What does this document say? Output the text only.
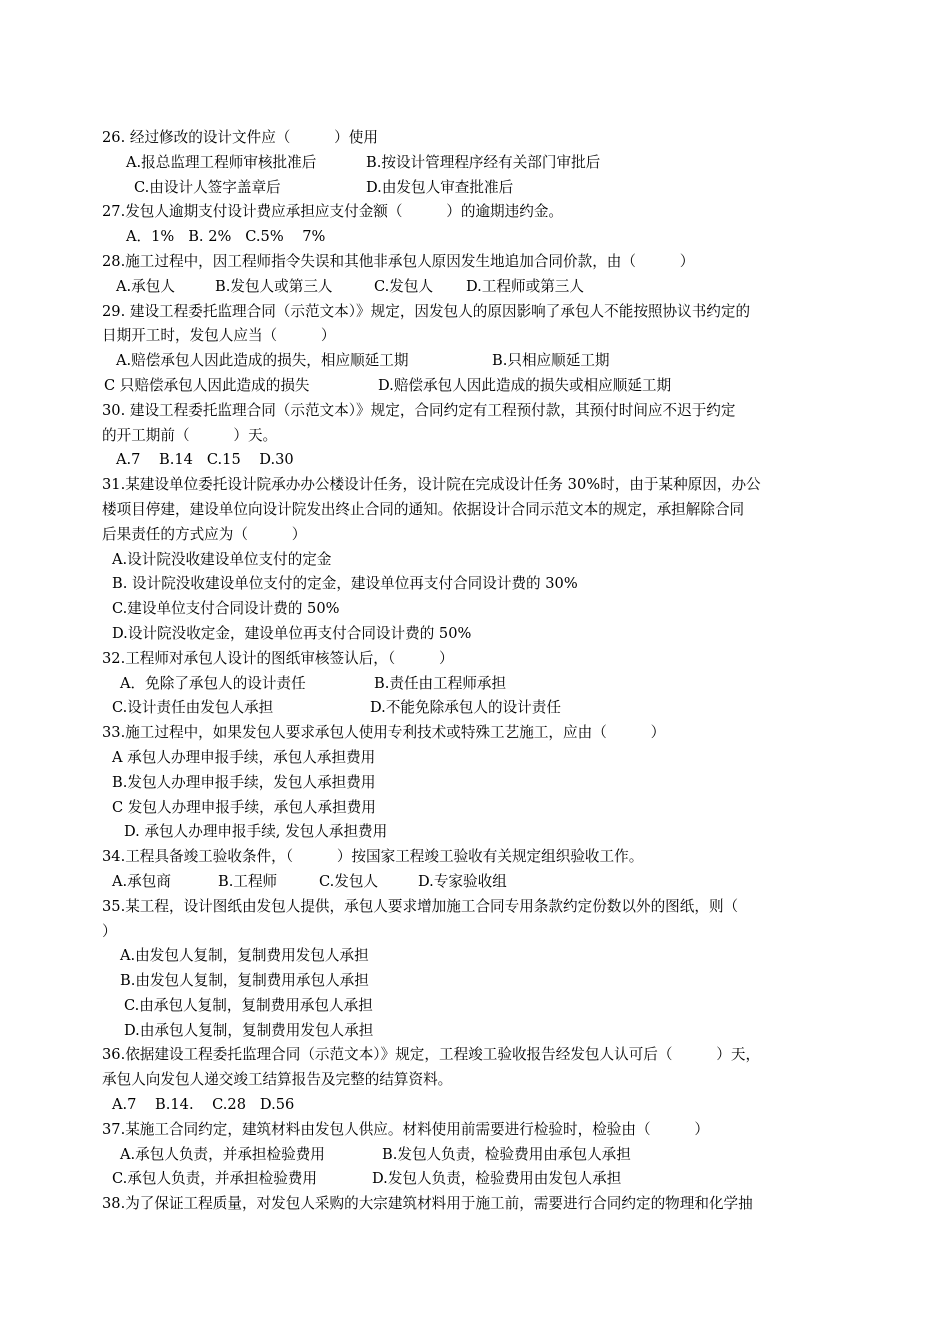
26. 经过修改的设计文件应（　　　）使用
A.报总监理工程师审核批准后	B.按设计管理程序经有关部门审批后
C.由设计人签字盖章后	D.由发包人审查批准后
27.发包人逾期支付设计费应承担应支付金额（　　　）的逾期违约金。
A．1%   B. 2%   C.5%    7%
28.施工过程中，因工程师指令失误和其他非承包人原因发生地追加合同价款，由（　　　）
A.承包人	B.发包人或第三人	C.发包人 D.工程师或第三人
29. 建设工程委托监理合同（示范文本）》规定，因发包人的原因影响了承包人不能按照协议书约定的
日期开工时，发包人应当（　　　）
A.赔偿承包人因此造成的损失，相应顺延工期	B.只相应顺延工期
C 只赔偿承包人因此造成的损失	D.赔偿承包人因此造成的损失或相应顺延工期
30. 建设工程委托监理合同（示范文本）》规定，合同约定有工程预付款，其预付时间应不迟于约定
的开工期前（　　　）天。
A.7    B.14   C.15    D.30
31.某建设单位委托设计院承办办公楼设计任务，设计院在完成设计任务 30%时，由于某种原因，办公
楼项目停建，建设单位向设计院发出终止合同的通知。依据设计合同示范文本的规定，承担解除合同
后果责任的方式应为（　　　）
A.设计院没收建设单位支付的定金
B. 设计院没收建设单位支付的定金，建设单位再支付合同设计费的 30%
C.建设单位支付合同设计费的 50%
D.设计院没收定金，建设单位再支付合同设计费的 50%
32.工程师对承包人设计的图纸审核签认后，（　　　）
A．免除了承包人的设计责任	B.责任由工程师承担
C.设计责任由发包人承担	D.不能免除承包人的设计责任
33.施工过程中，如果发包人要求承包人使用专利技术或特殊工艺施工，应由（　　　）
A 承包人办理申报手续，承包人承担费用
B.发包人办理申报手续，发包人承担费用
C 发包人办理申报手续，承包人承担费用
D. 承包人办理申报手续, 发包人承担费用
34.工程具备竣工验收条件，（　　　）按国家工程竣工验收有关规定组织验收工作。
A.承包商	B.工程师	C.发包人	D.专家验收组
35.某工程，设计图纸由发包人提供，承包人要求增加施工合同专用条款约定份数以外的图纸，则（
）
A.由发包人复制，复制费用发包人承担
B.由发包人复制，复制费用承包人承担
C.由承包人复制，复制费用承包人承担
D.由承包人复制，复制费用发包人承担
36.依据建设工程委托监理合同（示范文本）》规定，工程竣工验收报告经发包人认可后（　　　）天，
承包人向发包人递交竣工结算报告及完整的结算资料。
A.7    B.14.    C.28   D.56
37.某施工合同约定，建筑材料由发包人供应。材料使用前需要进行检验时，检验由（　　　）
A.承包人负责，并承担检验费用	B.发包人负责，检验费用由承包人承担
C.承包人负责，并承担检验费用	D.发包人负责，检验费用由发包人承担
38.为了保证工程质量，对发包人采购的大宗建筑材料用于施工前，需要进行合同约定的物理和化学抽
